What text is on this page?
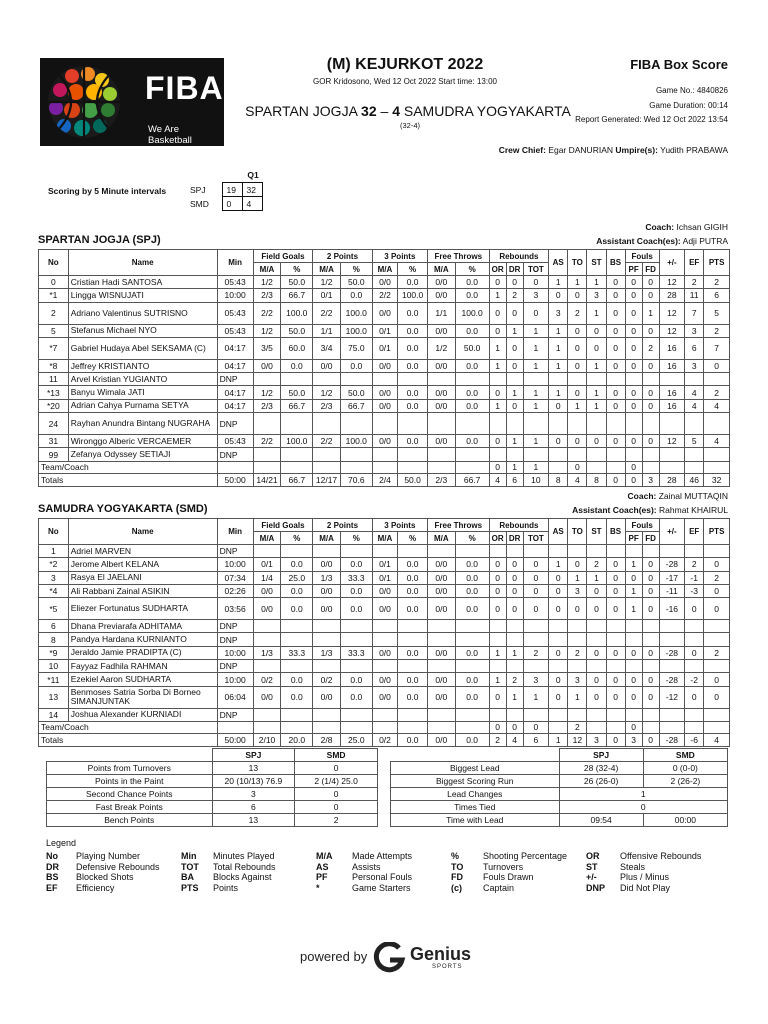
FIBA
We Are Basketball
(M) KEJURKOT 2022
GOR Kridosono, Wed 12 Oct 2022 Start time: 13:00
SPARTAN JOGJA 32 – 4 SAMUDRA YOGYAKARTA
(32-4)
FIBA Box Score
Game No.: 4840826
Game Duration: 00:14
Report Generated: Wed 12 Oct 2022 13:54
Crew Chief: Egar DANURIAN Umpire(s): Yudith PRABAWA
Q1
Scoring by 5 Minute intervals	SPJ	19	32
SMD	0	4
Coach: Ichsan GIGIH
Assistant Coach(es): Adji PUTRA
SPARTAN JOGJA (SPJ)
No	Name	Min	Field Goals		2 Points		3 Points		Free Throws		Rebounds			AS	TO	ST	BS	Fouls		+/-	EF	PTS
			M/A	%	M/A	%	M/A	%	M/A	%	OR	DR	TOT					PF	FD			
0	Cristian Hadi SANTOSA	05:43	1/2	50.0	1/2	50.0	0/0	0.0	0/0	0.0	0	0	0	1	1	1	0	0	0	12	2	2
*1	Lingga WISNUJATI	10:00	2/3	66.7	0/1	0.0	2/2	100.0	0/0	0.0	1	2	3	0	0	3	0	0	0	28	11	6
2	Adriano Valentinus SUTRISNO	05:43	2/2	100.0	2/2	100.0	0/0	0.0	1/1	100.0	0	0	0	3	2	1	0	0	1	12	7	5
5	Stefanus Michael NYO	05:43	1/2	50.0	1/1	100.0	0/1	0.0	0/0	0.0	0	1	1	1	0	0	0	0	0	12	3	2
*7	Gabriel Hudaya Abel SEKSAMA (C)	04:17	3/5	60.0	3/4	75.0	0/1	0.0	1/2	50.0	1	0	1	1	0	0	0	0	2	16	6	7
*8	Jeffrey KRISTIANTO	04:17	0/0	0.0	0/0	0.0	0/0	0.0	0/0	0.0	1	0	1	1	0	1	0	0	0	16	3	0
11	Arvel Kristian YUGIANTO	DNP																				
*13	Banyu Wimala JATI	04:17	1/2	50.0	1/2	50.0	0/0	0.0	0/0	0.0	0	1	1	1	0	1	0	0	0	16	4	2
*20	Adrian Cahya Purnama SETYA	04:17	2/3	66.7	2/3	66.7	0/0	0.0	0/0	0.0	1	0	1	0	1	1	0	0	0	16	4	4
24	Rayhan Anundra Bintang NUGRAHA	DNP																				
31	Wironggo Alberic VERCAEMER	05:43	2/2	100.0	2/2	100.0	0/0	0.0	0/0	0.0	0	1	1	0	0	0	0	0	0	12	5	4
99	Zefanya Odyssey SETIAJI	DNP																				
Team/Coach											0	1	1		0			0				
Totals		50:00	14/21	66.7	12/17	70.6	2/4	50.0	2/3	66.7	4	6	10	8	4	8	0	0	3	28	46	32
Coach: Zainal MUTTAQIN
Assistant Coach(es): Rahmat KHAIRUL
SAMUDRA YOGYAKARTA (SMD)
No	Name	Min	Field Goals		2 Points		3 Points		Free Throws		Rebounds			AS	TO	ST	BS	Fouls		+/-	EF	PTS
			M/A	%	M/A	%	M/A	%	M/A	%	OR	DR	TOT					PF	FD			
1	Adriel MARVEN	DNP																				
*2	Jerome Albert KELANA	10:00	0/1	0.0	0/0	0.0	0/1	0.0	0/0	0.0	0	0	0	1	0	2	0	1	0	-28	2	0
3	Rasya El JAELANI	07:34	1/4	25.0	1/3	33.3	0/1	0.0	0/0	0.0	0	0	0	0	1	1	0	0	0	-17	-1	2
*4	Ali Rabbani Zainal ASIKIN	02:26	0/0	0.0	0/0	0.0	0/0	0.0	0/0	0.0	0	0	0	0	3	0	0	1	0	-11	-3	0
*5	Eliezer Fortunatus SUDHARTA	03:56	0/0	0.0	0/0	0.0	0/0	0.0	0/0	0.0	0	0	0	0	0	0	0	1	0	-16	0	0
6	Dhana Previarafa ADHITAMA	DNP																				
8	Pandya Hardana KURNIANTO	DNP																				
*9	Jeraldo Jamie PRADIPTA (C)	10:00	1/3	33.3	1/3	33.3	0/0	0.0	0/0	0.0	1	1	2	0	2	0	0	0	0	-28	0	2
10	Fayyaz Fadhila RAHMAN	DNP																				
*11	Ezekiel Aaron SUDHARTA	10:00	0/2	0.0	0/2	0.0	0/0	0.0	0/0	0.0	1	2	3	0	3	0	0	0	0	-28	-2	0
13	Benmoses Satria Sorba Di Borneo SIMANJUNTAK	06:04	0/0	0.0	0/0	0.0	0/0	0.0	0/0	0.0	0	1	1	0	1	0	0	0	0	-12	0	0
14	Joshua Alexander KURNIADI	DNP																				
Team/Coach											0	0	0		2			0				
Totals		50:00	2/10	20.0	2/8	25.0	0/2	0.0	0/0	0.0	2	4	6	1	12	3	0	3	0	-28	-6	4
	SPJ	SMD
Points from Turnovers	13	0
Points in the Paint	20 (10/13) 76.9	2 (1/4) 25.0
Second Chance Points	3	0
Fast Break Points	6	0
Bench Points	13	2
	SPJ	SMD
Biggest Lead	28 (32-4)	0 (0-0)
Biggest Scoring Run	26 (26-0)	2 (26-2)
Lead Changes	1	
Times Tied	0	
Time with Lead	09:54	00:00
Legend
No Playing Number
DR Defensive Rebounds
BS Blocked Shots
EF Efficiency
Min Minutes Played
TOT Total Rebounds
BA Blocks Against
PTS Points
M/A Made Attempts
AS	Assists
PF	Personal Fouls
*	Game Starters
%	Shooting Percentage
TO Turnovers
FD Fouls Drawn
(c) Captain
OR Offensive Rebounds
ST Steals
+/-	Plus / Minus
DNP Did Not Play
powered by Genius
SPORTS
